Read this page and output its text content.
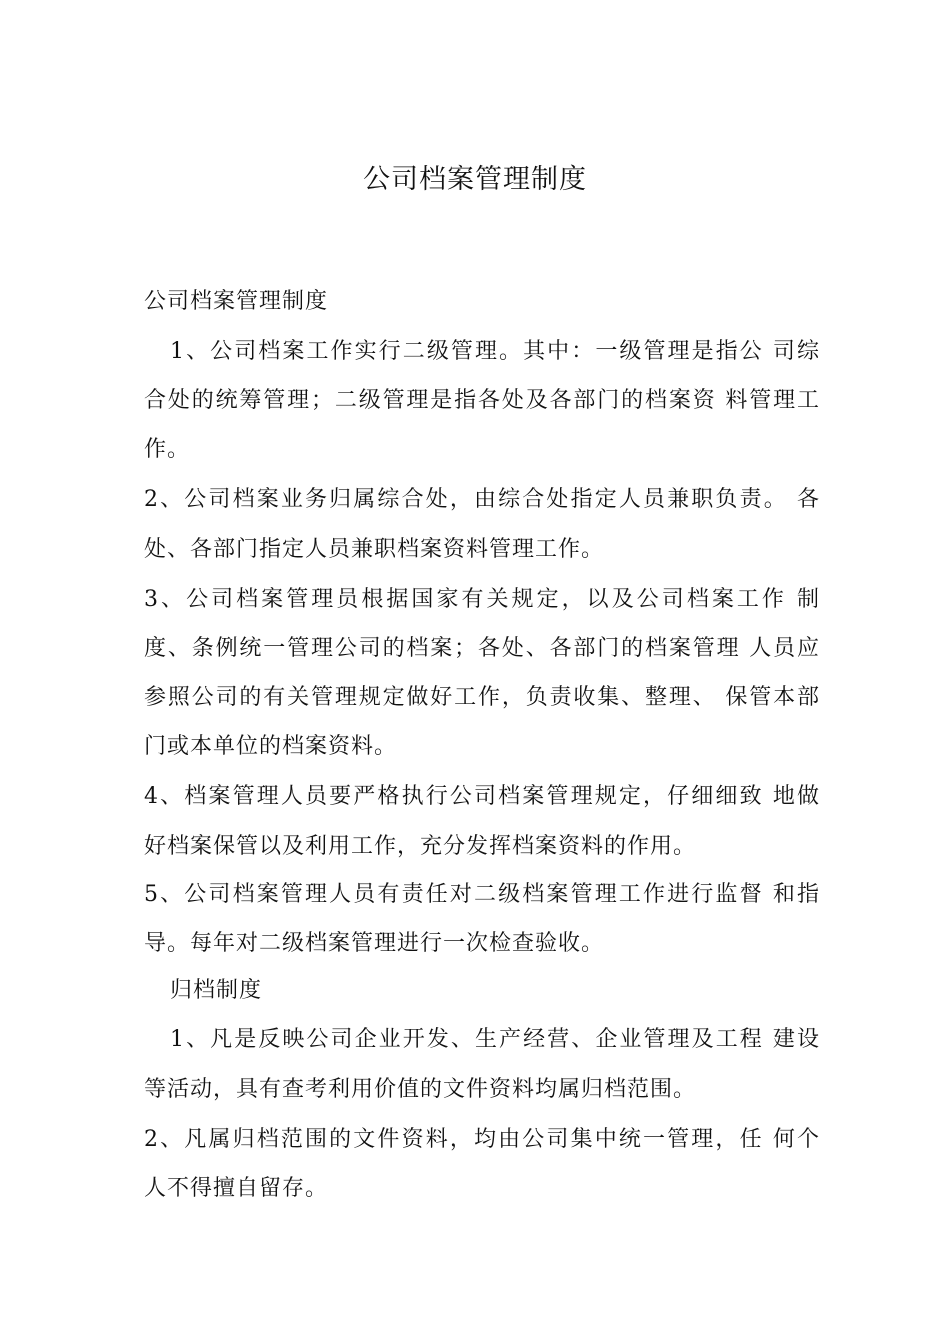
公司档案管理制度
公司档案管理制度
1、公司档案工作实行二级管理。其中：一级管理是指公 司综
合处的统筹管理；二级管理是指各处及各部门的档案资 料管理工
作。
2、公司档案业务归属综合处，由综合处指定人员兼职负责。 各
处、各部门指定人员兼职档案资料管理工作。
3、公司档案管理员根据国家有关规定，以及公司档案工作 制
度、条例统一管理公司的档案；各处、各部门的档案管理 人员应
参照公司的有关管理规定做好工作，负责收集、整理、 保管本部
门或本单位的档案资料。
4、档案管理人员要严格执行公司档案管理规定，仔细细致 地做
好档案保管以及利用工作，充分发挥档案资料的作用。
5、公司档案管理人员有责任对二级档案管理工作进行监督 和指
导。每年对二级档案管理进行一次检查验收。
归档制度
1、凡是反映公司企业开发、生产经营、企业管理及工程 建设
等活动，具有查考利用价值的文件资料均属归档范围。
2、凡属归档范围的文件资料，均由公司集中统一管理，任 何个
人不得擅自留存。
